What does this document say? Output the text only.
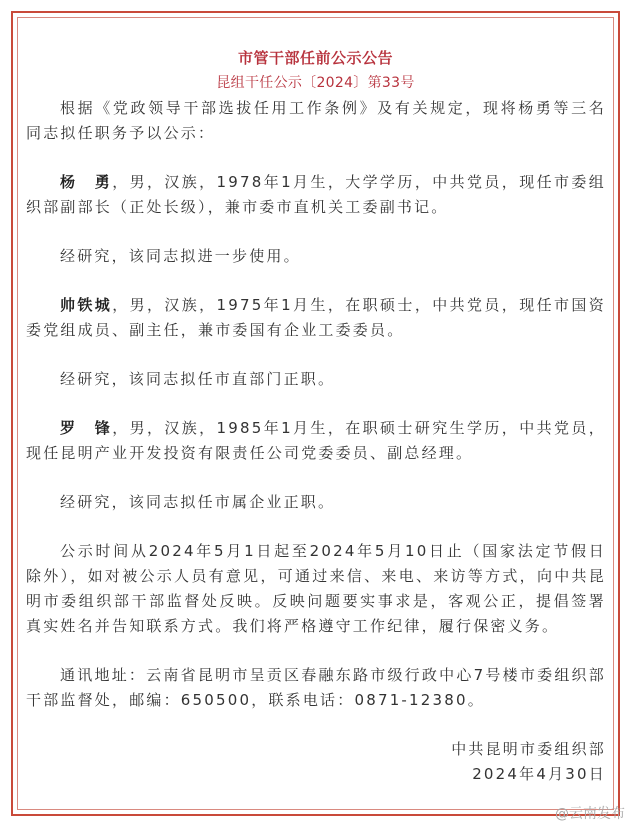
市管干部任前公示公告
昆组干任公示〔2024〕第33号

根据《党政领导干部选拔任用工作条例》及有关规定，现将杨勇等三名同志拟任职务予以公示：

杨　勇，男，汉族，1978年1月生，大学学历，中共党员，现任市委组织部副部长（正处长级），兼市委市直机关工委副书记。

经研究，该同志拟进一步使用。

帅铁城，男，汉族，1975年1月生，在职硕士，中共党员，现任市国资委党组成员、副主任，兼市委国有企业工委委员。

经研究，该同志拟任市直部门正职。

罗　锋，男，汉族，1985年1月生，在职硕士研究生学历，中共党员，现任昆明产业开发投资有限责任公司党委委员、副总经理。

经研究，该同志拟任市属企业正职。

公示时间从2024年5月1日起至2024年5月10日止（国家法定节假日除外），如对被公示人员有意见，可通过来信、来电、来访等方式，向中共昆明市委组织部干部监督处反映。反映问题要实事求是，客观公正，提倡签署真实姓名并告知联系方式。我们将严格遵守工作纪律，履行保密义务。

通讯地址：云南省昆明市呈贡区春融东路市级行政中心7号楼市委组织部干部监督处，邮编：650500，联系电话：0871-12380。

中共昆明市委组织部

2024年4月30日

@云南发布
